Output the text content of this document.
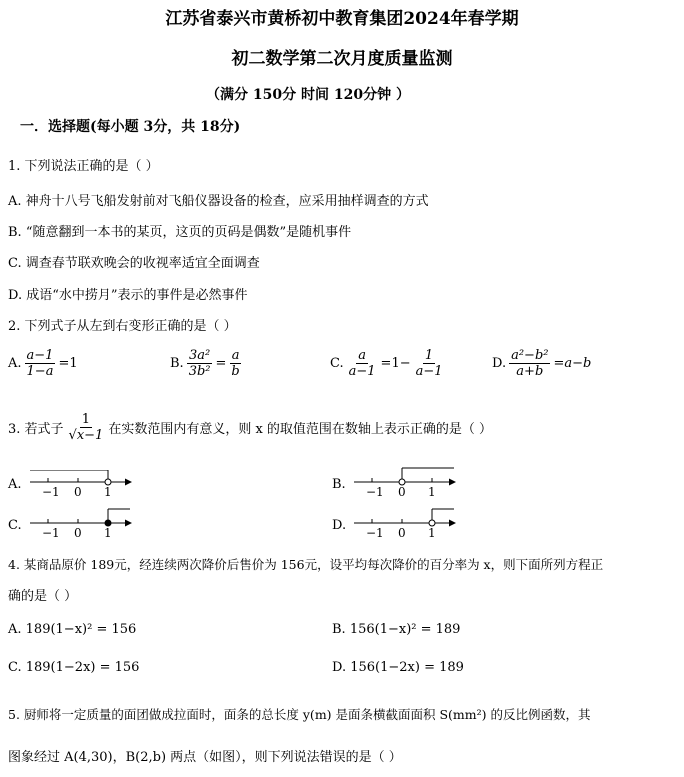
江苏省泰兴市黄桥初中教育集团2024年春学期
初二数学第二次月度质量监测
（满分 150分 时间 120分钟 ）
一．选择题(每小题 3分，共 18分)
1. 下列说法正确的是（ ）
A. 神舟十八号飞船发射前对飞船仪器设备的检查，应采用抽样调查的方式
B. “随意翻到一本书的某页，这页的页码是偶数”是随机事件
C. 调查春节联欢晚会的收视率适宜全面调查
D. 成语“水中捞月”表示的事件是必然事件
2. 下列式子从左到右变形正确的是（ ）
A. $\frac{a-1}{1-a} =1$	B. $\frac{\text{3a²}}{\text{3b²}} = \frac{a}{b}$	C. $\frac{a}{a-1} =1- \frac{1}{a-1}$	D. $\frac{\text{a²−b²}}{a+b} =a-b$
3. 若式子 $\frac{1}{√x-1}$ 在实数范围内有意义，则 x 的取值范围在数轴上表示正确的是（ ）
A. −1 0 1	B. −1 0 1
C. −1 0 1	D. −1 0 1
4. 某商品原价 189元，经连续两次降价后售价为 156元，设平均每次降价的百分率为 x，则下面所列方程正
确的是（ ）
A. 189(1−x)² = 156	B. 156(1−x)² = 189
C. 189(1−2x) = 156	D. 156(1−2x) = 189
5. 厨师将一定质量的面团做成拉面时，面条的总长度 y(m) 是面条横截面面积 S(mm²) 的反比例函数，其
图象经过 A(4,30)，B(2,b) 两点（如图），则下列说法错误的是（ ）
